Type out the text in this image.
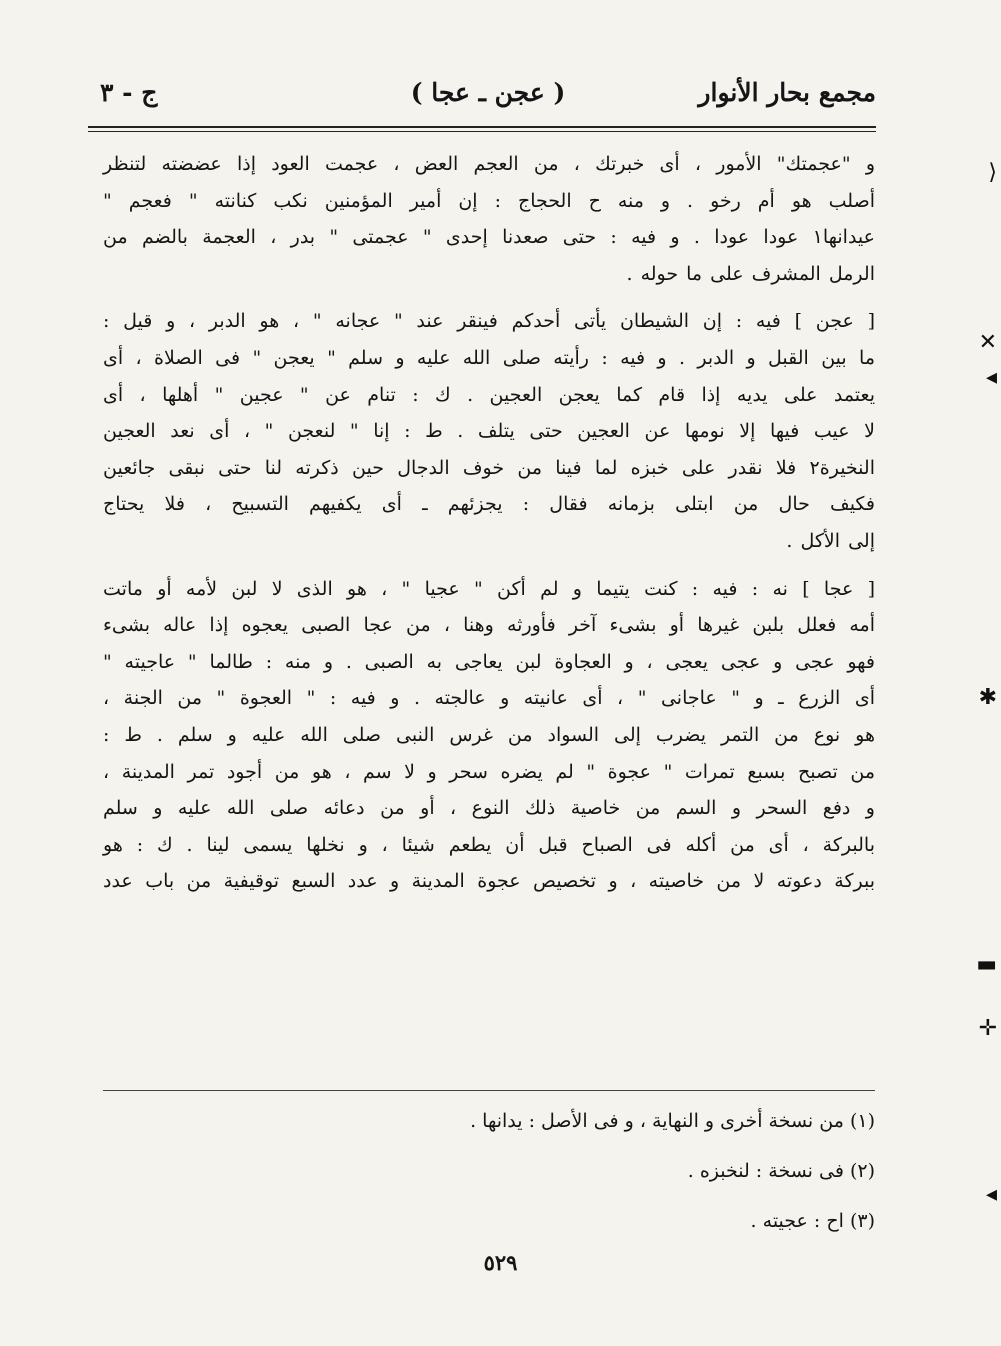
مجمع بحار الأنوار
( عجن ـ عجا )
ج - ٣

و "عجمتك" الأمور ، أى خبرتك ، من العجم العض ، عجمت العود إذا عضضته لتنظر
أصلب هو أم رخو . و منه ح الحجاج : إن أمير المؤمنين نكب كنانته " فعجم "
عيدانها١ عودا عودا . و فيه : حتى صعدنا إحدى " عجمتى " بدر ، العجمة بالضم من
الرمل المشرف على ما حوله .

[ عجن ] فيه : إن الشيطان يأتى أحدكم فينقر عند " عجانه " ، هو الدبر ، و قيل :
ما بين القبل و الدبر . و فيه : رأيته صلى الله عليه و سلم " يعجن " فى الصلاة ، أى
يعتمد على يديه إذا قام كما يعجن العجين . ك : تنام عن " عجين " أهلها ، أى
لا عيب فيها إلا نومها عن العجين حتى يتلف . ط : إنا " لنعجن " ، أى نعد العجين
النخيرة٢ فلا نقدر على خبزه لما فينا من خوف الدجال حين ذكرته لنا حتى نبقى جائعين
فكيف حال من ابتلى بزمانه فقال : يجزئهم ـ أى يكفيهم التسبيح ، فلا يحتاج
إلى الأكل .

[ عجا ] نه : فيه : كنت يتيما و لم أكن " عجيا " ، هو الذى لا لبن لأمه أو ماتت
أمه فعلل بلبن غيرها أو بشىء آخر فأورثه وهنا ، من عجا الصبى يعجوه إذا عاله بشىء
فهو عجى و عجى يعجى ، و العجاوة لبن يعاجى به الصبى . و منه : طالما " عاجيته "
أى الزرع ـ و " عاجانى " ، أى عانيته و عالجته . و فيه : " العجوة " من الجنة ،
هو نوع من التمر يضرب إلى السواد من غرس النبى صلى الله عليه و سلم . ط :
من تصبح بسبع تمرات " عجوة " لم يضره سحر و لا سم ، هو من أجود تمر المدينة ،
و دفع السحر و السم من خاصية ذلك النوع ، أو من دعائه صلى الله عليه و سلم
بالبركة ، أى من أكله فى الصباح قبل أن يطعم شيئا ، و نخلها يسمى لينا . ك : هو
ببركة دعوته لا من خاصيته ، و تخصيص عجوة المدينة و عدد السبع توقيفية من باب عدد

(١) من نسخة أخرى و النهاية ، و فى الأصل : يدانها .
(٢) فى نسخة : لنخبزه .
(٣) اح : عجيته .
٥٢٩
⟩
✕
◂
✱
▬
✛
◂
